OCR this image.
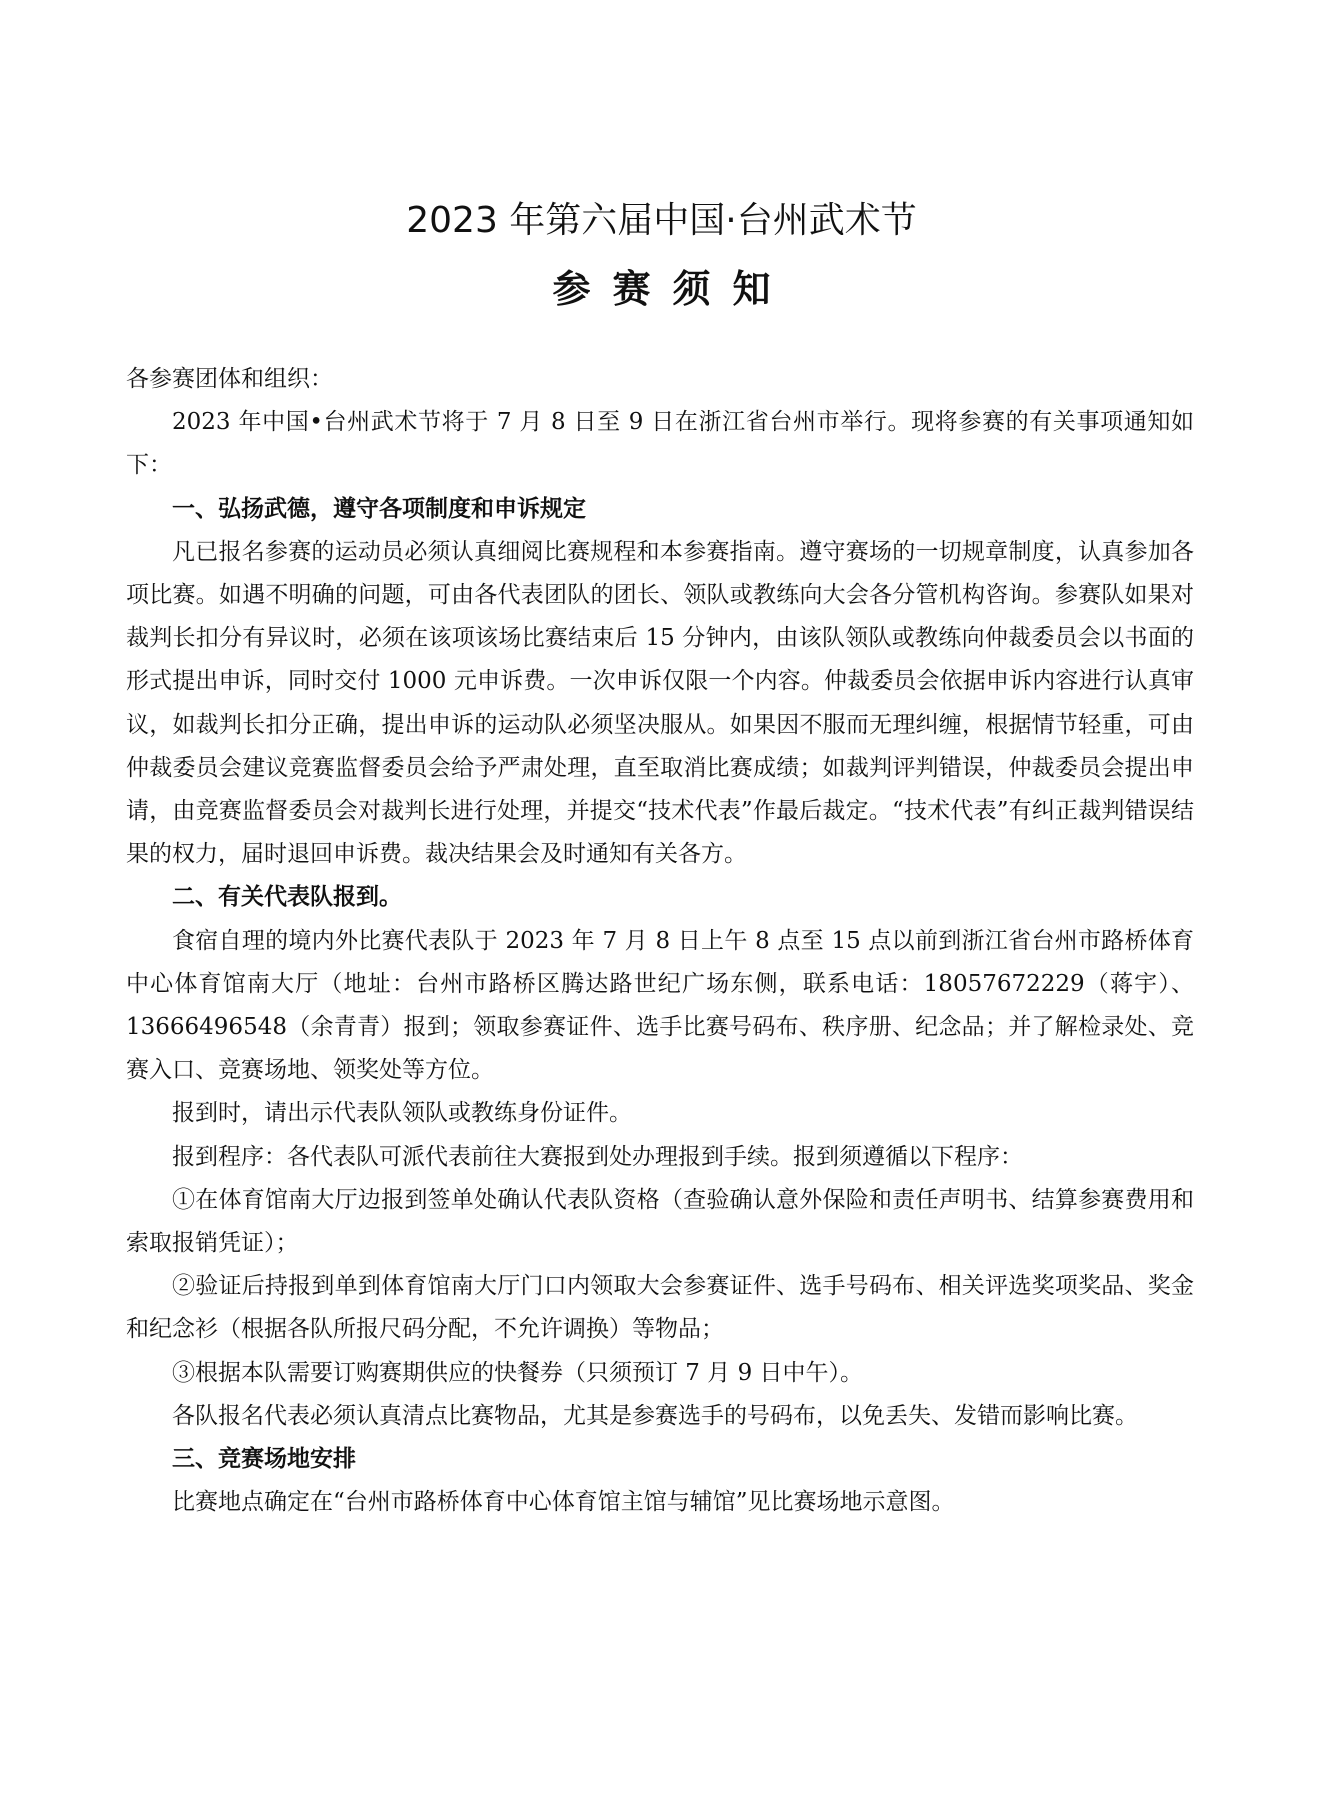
2023 年第六届中国·台州武术节
参赛须知

各参赛团体和组织：

2023 年中国•台州武术节将于 7 月 8 日至 9 日在浙江省台州市举行。现将参赛的有关事项通知如下：

一、弘扬武德，遵守各项制度和申诉规定

凡已报名参赛的运动员必须认真细阅比赛规程和本参赛指南。遵守赛场的一切规章制度，认真参加各项比赛。如遇不明确的问题，可由各代表团队的团长、领队或教练向大会各分管机构咨询。参赛队如果对裁判长扣分有异议时，必须在该项该场比赛结束后 15 分钟内，由该队领队或教练向仲裁委员会以书面的形式提出申诉，同时交付 1000 元申诉费。一次申诉仅限一个内容。仲裁委员会依据申诉内容进行认真审议，如裁判长扣分正确，提出申诉的运动队必须坚决服从。如果因不服而无理纠缠，根据情节轻重，可由仲裁委员会建议竞赛监督委员会给予严肃处理，直至取消比赛成绩；如裁判评判错误，仲裁委员会提出申请，由竞赛监督委员会对裁判长进行处理，并提交“技术代表”作最后裁定。“技术代表”有纠正裁判错误结果的权力，届时退回申诉费。裁决结果会及时通知有关各方。

二、有关代表队报到。

食宿自理的境内外比赛代表队于 2023 年 7 月 8 日上午 8 点至 15 点以前到浙江省台州市路桥体育中心体育馆南大厅（地址：台州市路桥区腾达路世纪广场东侧，联系电话：18057672229（蒋宇）、13666496548（余青青）报到；领取参赛证件、选手比赛号码布、秩序册、纪念品；并了解检录处、竞赛入口、竞赛场地、领奖处等方位。

报到时，请出示代表队领队或教练身份证件。

报到程序：各代表队可派代表前往大赛报到处办理报到手续。报到须遵循以下程序：

①在体育馆南大厅边报到签单处确认代表队资格（查验确认意外保险和责任声明书、结算参赛费用和索取报销凭证）；

②验证后持报到单到体育馆南大厅门口内领取大会参赛证件、选手号码布、相关评选奖项奖品、奖金和纪念衫（根据各队所报尺码分配，不允许调换）等物品；

③根据本队需要订购赛期供应的快餐券（只须预订 7 月 9 日中午）。

各队报名代表必须认真清点比赛物品，尤其是参赛选手的号码布，以免丢失、发错而影响比赛。

三、竞赛场地安排

比赛地点确定在“台州市路桥体育中心体育馆主馆与辅馆”见比赛场地示意图。
